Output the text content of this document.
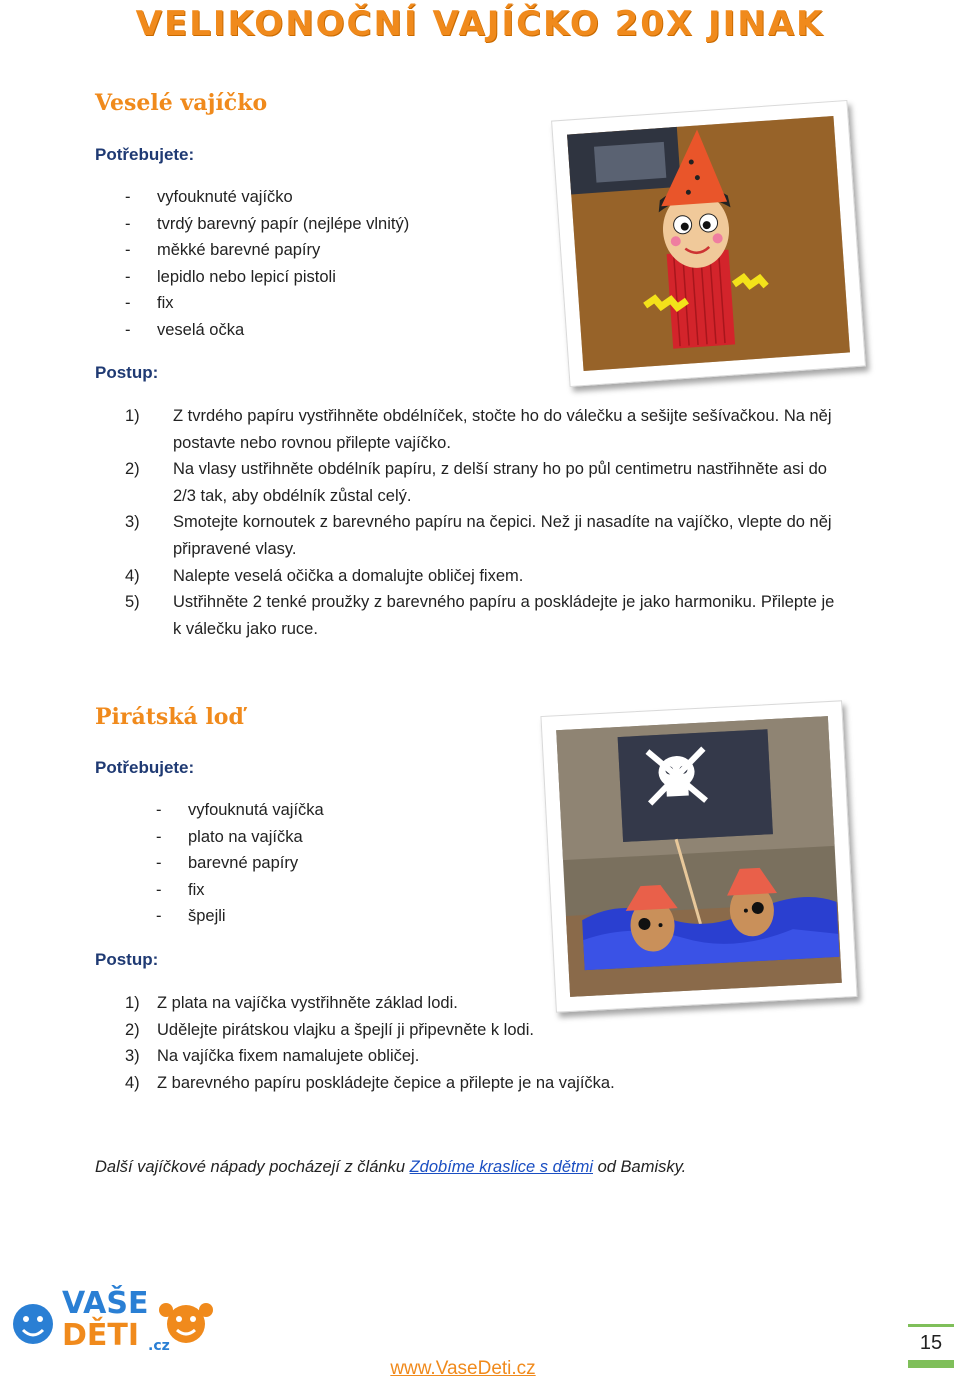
VELIKONOČNÍ VAJÍČKO 20X JINAK
Veselé vajíčko
Potřebujete:
- vyfouknuté vajíčko
- tvrdý barevný papír (nejlépe vlnitý)
- měkké barevné papíry
- lepidlo nebo lepicí pistoli
- fix
- veselá očka
Postup:
1) Z tvrdého papíru vystřihněte obdélníček, stočte ho do válečku a sešijte sešívačkou. Na něj
postavte nebo rovnou přilepte vajíčko.
2) Na vlasy ustřihněte obdélník papíru, z delší strany ho po půl centimetru nastřihněte asi do
2/3 tak, aby obdélník zůstal celý.
3) Smotejte kornoutek z barevného papíru na čepici. Než ji nasadíte na vajíčko, vlepte do něj
připravené vlasy.
4) Nalepte veselá očička a domalujte obličej fixem.
5) Ustřihněte 2 tenké proužky z barevného papíru a poskládejte je jako harmoniku. Přilepte je
k válečku jako ruce.
Pirátská loď
Potřebujete:
- vyfouknutá vajíčka
- plato na vajíčka
- barevné papíry
- fix
- špejli
Postup:
1) Z plata na vajíčka vystřihněte základ lodi.
2) Udělejte pirátskou vlajku a špejlí ji připevněte k lodi.
3) Na vajíčka fixem namalujete obličej.
4) Z barevného papíru poskládejte čepice a přilepte je na vajíčka.
Další vajíčkové nápady pocházejí z článku Zdobíme kraslice s dětmi od Bamisky.
VAŠE
DĚTI .cz
www.VaseDeti.cz
15
